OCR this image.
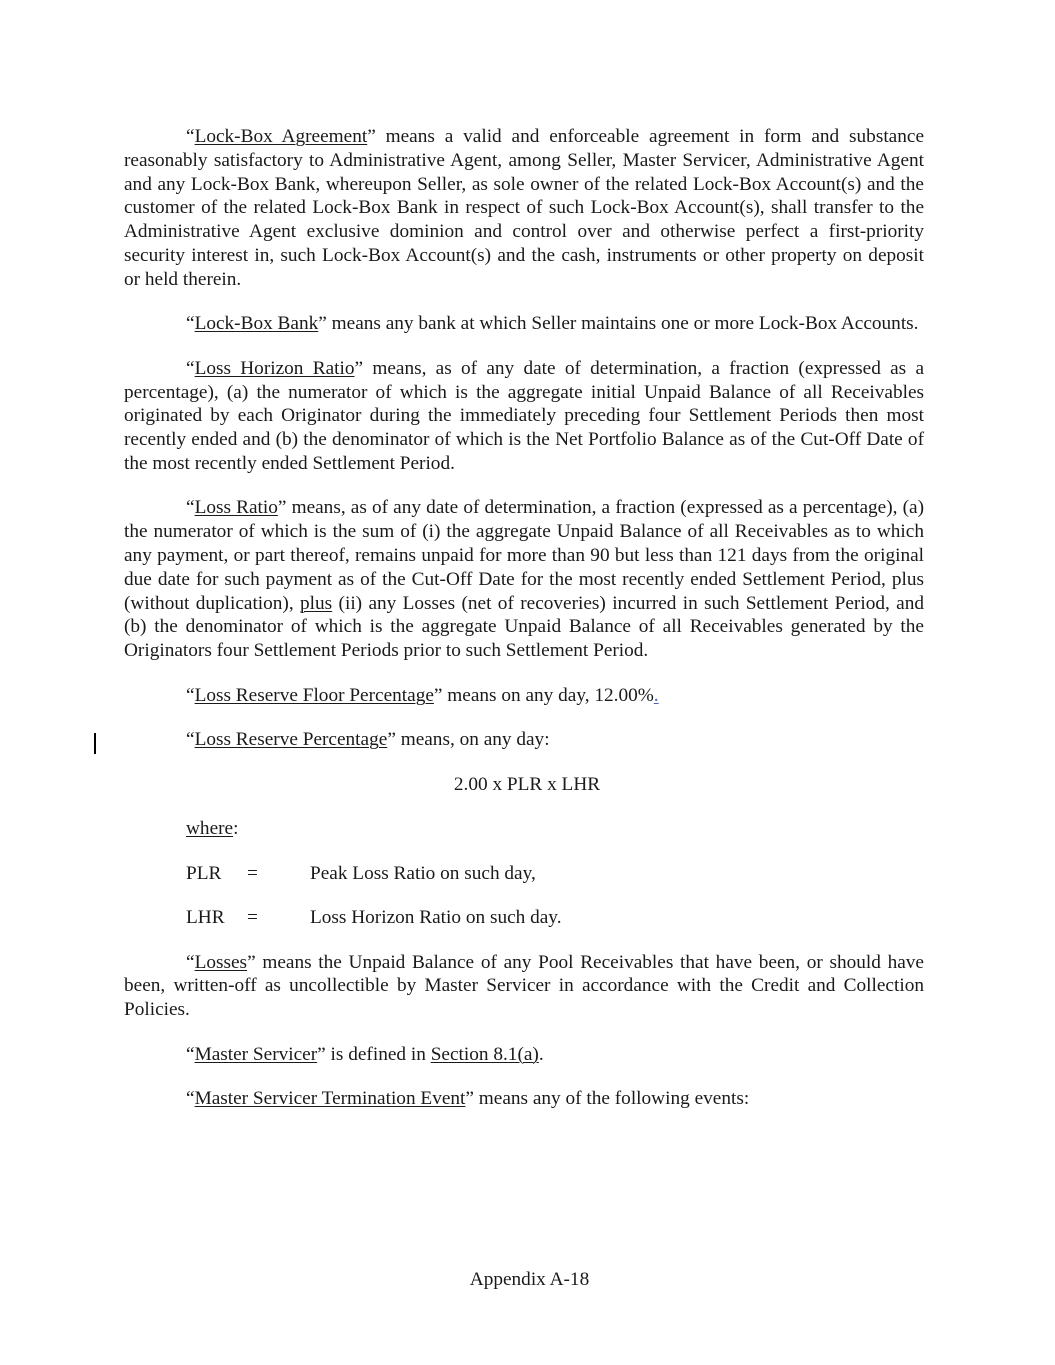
“Lock-Box Agreement” means a valid and enforceable agreement in form and substance reasonably satisfactory to Administrative Agent, among Seller, Master Servicer, Administrative Agent and any Lock-Box Bank, whereupon Seller, as sole owner of the related Lock-Box Account(s) and the customer of the related Lock-Box Bank in respect of such Lock-Box Account(s), shall transfer to the Administrative Agent exclusive dominion and control over and otherwise perfect a first-priority security interest in, such Lock-Box Account(s) and the cash, instruments or other property on deposit or held therein.

“Lock-Box Bank” means any bank at which Seller maintains one or more Lock-Box Accounts.

“Loss Horizon Ratio” means, as of any date of determination, a fraction (expressed as a percentage), (a) the numerator of which is the aggregate initial Unpaid Balance of all Receivables originated by each Originator during the immediately preceding four Settlement Periods then most recently ended and (b) the denominator of which is the Net Portfolio Balance as of the Cut-Off Date of the most recently ended Settlement Period.

“Loss Ratio” means, as of any date of determination, a fraction (expressed as a percentage), (a) the numerator of which is the sum of (i) the aggregate Unpaid Balance of all Receivables as to which any payment, or part thereof, remains unpaid for more than 90 but less than 121 days from the original due date for such payment as of the Cut-Off Date for the most recently ended Settlement Period, plus (without duplication), plus (ii) any Losses (net of recoveries) incurred in such Settlement Period, and (b) the denominator of which is the aggregate Unpaid Balance of all Receivables generated by the Originators four Settlement Periods prior to such Settlement Period.

“Loss Reserve Floor Percentage” means on any day, 12.00%.

“Loss Reserve Percentage” means, on any day:

2.00 x PLR x LHR

where:

PLR =	Peak Loss Ratio on such day,
LHR =	Loss Horizon Ratio on such day.

“Losses” means the Unpaid Balance of any Pool Receivables that have been, or should have been, written-off as uncollectible by Master Servicer in accordance with the Credit and Collection Policies.

“Master Servicer” is defined in Section 8.1(a).

“Master Servicer Termination Event” means any of the following events:

Appendix A-18
